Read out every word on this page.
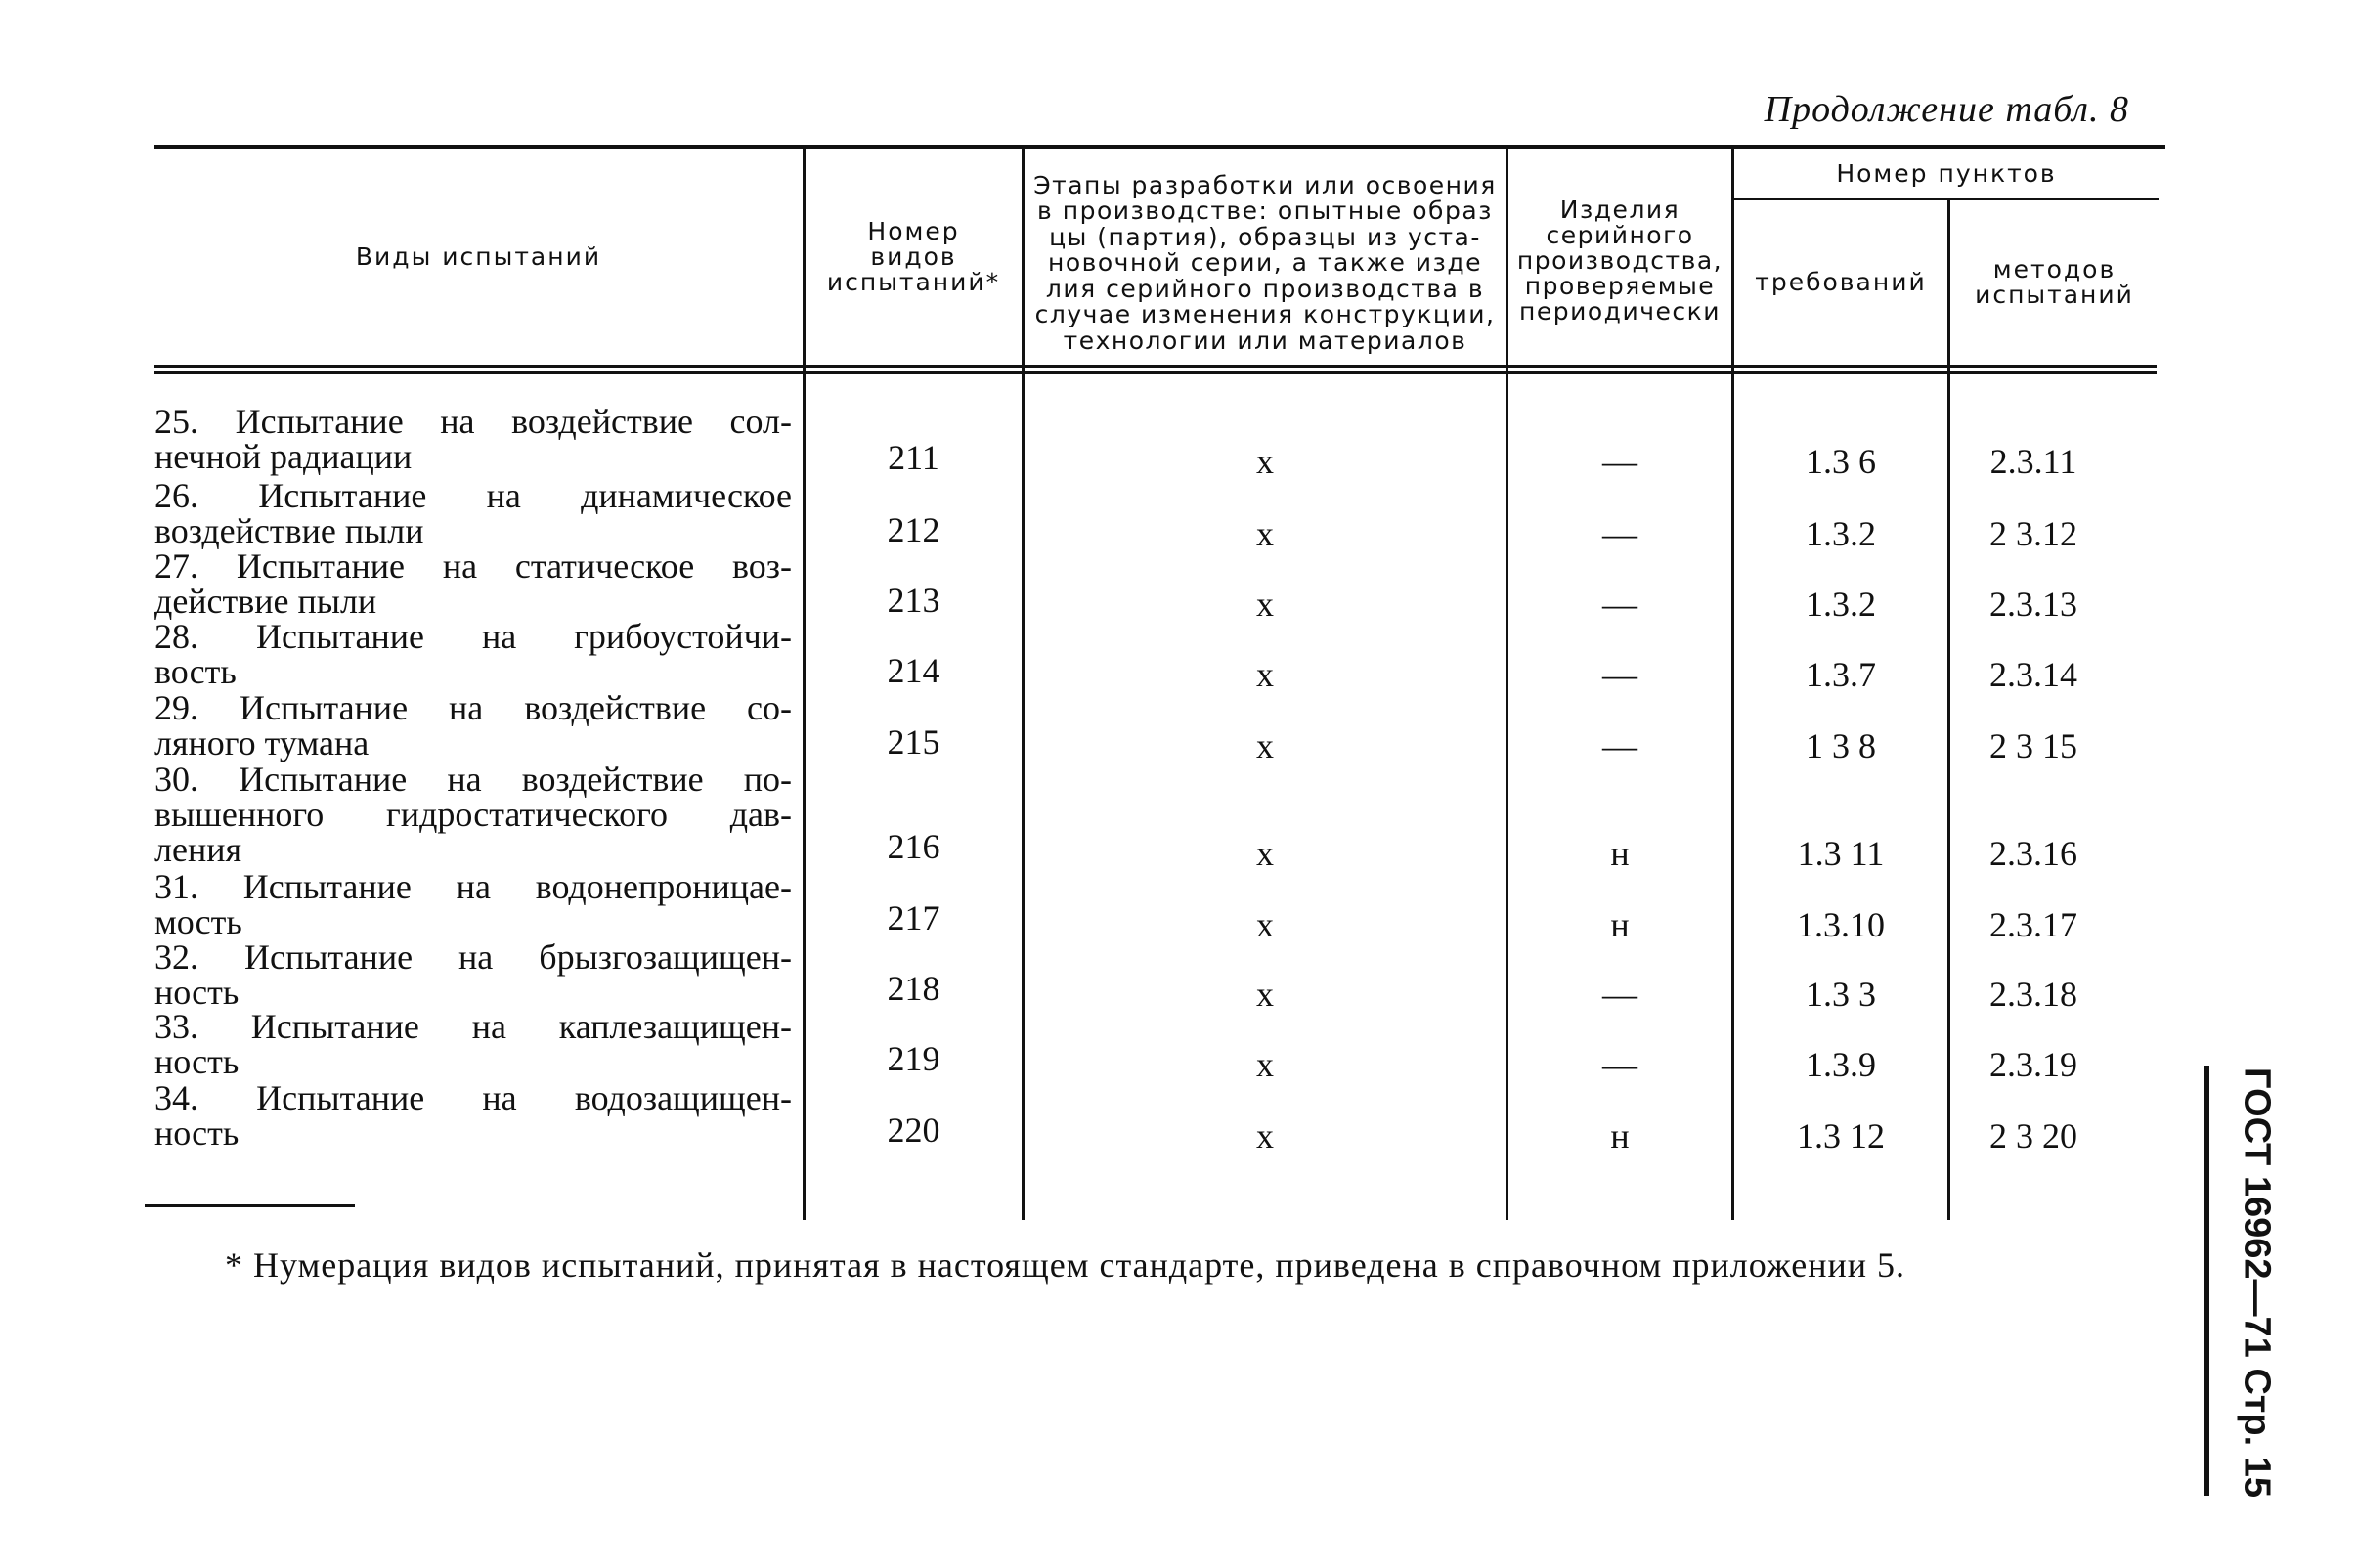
Продолжение табл. 8
Виды испытаний
Номер
видов
испытаний*
Этапы разработки или освоения
в производстве: опытные образ
цы (партия), образцы из уста-
новочной серии, а также изде
лия серийного производства в
случае изменения конструкции,
технологии или материалов
Изделия
серийного
производства,
проверяемые
периодически
Номер пунктов
требований	методов
испытаний
25. Испытание на воздействие сол-
нечной радиации	211	х	—	1.3 6	2.3.11
26. Испытание на динамическое
воздействие пыли	212	х	—	1.3.2	2 3.12
27. Испытание на статическое воз-
действие пыли	213	х	—	1.3.2	2.3.13
28. Испытание на грибоустойчи-
вость	214	х	—	1.3.7	2.3.14
29. Испытание на воздействие со-
ляного тумана	215	х	—	1 3 8	2 3 15
30. Испытание на воздействие по-
вышенного гидростатического дав-
ления	216	х	н	1.3 11	2.3.16
31. Испытание на водонепроницае-
мость	217	х	н	1.3.10	2.3.17
32. Испытание на брызгозащищен-
ность	218	х	—	1.3 3	2.3.18
33. Испытание на каплезащищен-
ность	219	х	—	1.3.9	2.3.19
34. Испытание на водозащищен-
ность	220	х	н	1.3 12	2 3 20
* Нумерация видов испытаний, принятая в настоящем стандарте, приведена в справочном приложении 5.	ГОСТ 16962—71 Стр. 15
